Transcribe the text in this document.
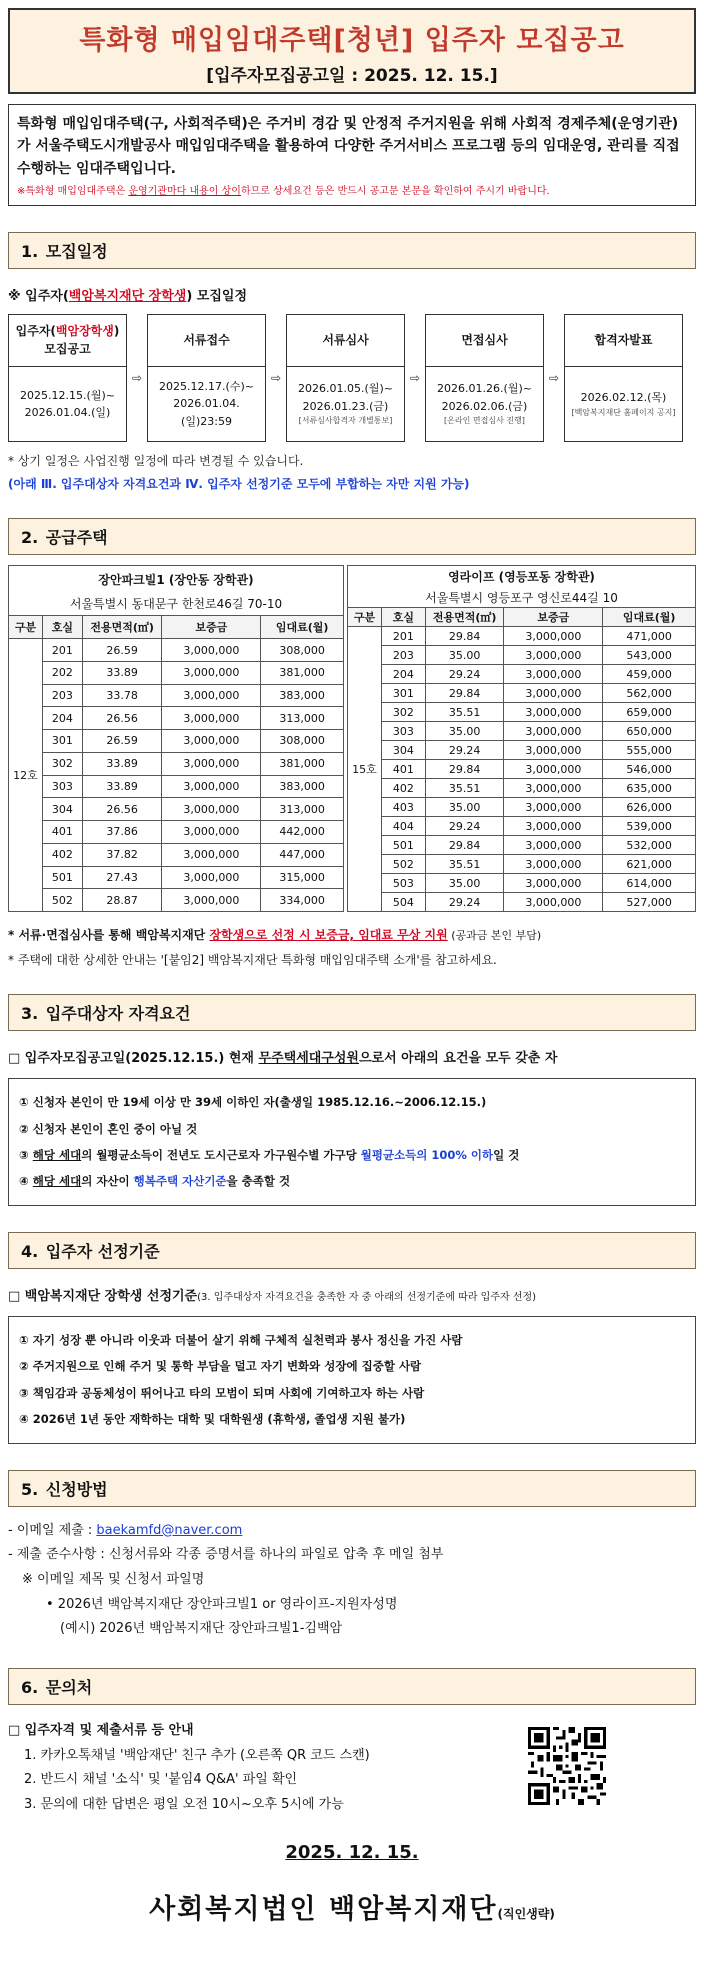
특화형 매입임대주택[청년] 입주자 모집공고
[입주자모집공고일 : 2025. 12. 15.]
특화형 매입임대주택(구, 사회적주택)은 주거비 경감 및 안정적 주거지원을 위해 사회적 경제주체(운영기관)가 서울주택도시개발공사 매입임대주택을 활용하여 다양한 주거서비스 프로그램 등의 임대운영, 관리를 직접 수행하는 임대주택입니다.
※특화형 매입임대주택은 운영기관마다 내용이 상이하므로 상세요건 등은 반드시 공고문 본문을 확인하여 주시기 바랍니다.
1. 모집일정
※ 입주자(백암복지재단 장학생) 모집일정
입주자(백암장학생)
모집공고
2025.12.15.(월)~
2026.01.04.(일)
⇨
서류접수
2025.12.17.(수)~
2026.01.04.(일)23:59
⇨
서류심사
2026.01.05.(월)~
2026.01.23.(금)
[서류심사합격자 개별통보]
⇨
면접심사
2026.01.26.(월)~
2026.02.06.(금)
[온라인 면접심사 진행]
⇨
합격자발표
2026.02.12.(목)
[백암복지재단 홈페이지 공지]
* 상기 일정은 사업진행 일정에 따라 변경될 수 있습니다.
(아래 Ⅲ. 입주대상자 자격요건과 Ⅳ. 입주자 선정기준 모두에 부합하는 자만 지원 가능)
2. 공급주택
장안파크빌1 (장안동 장학관)				
서울특별시 동대문구 한천로46길 70-10				
구분	호실	전용면적(㎡)	보증금	임대료(월)
12호	201	26.59	3,000,000	308,000
	202	33.89	3,000,000	381,000
	203	33.78	3,000,000	383,000
	204	26.56	3,000,000	313,000
	301	26.59	3,000,000	308,000
	302	33.89	3,000,000	381,000
	303	33.89	3,000,000	383,000
	304	26.56	3,000,000	313,000
	401	37.86	3,000,000	442,000
	402	37.82	3,000,000	447,000
	501	27.43	3,000,000	315,000
	502	28.87	3,000,000	334,000
영라이프 (영등포동 장학관)				
서울특별시 영등포구 영신로44길 10				
구분	호실	전용면적(㎡)	보증금	임대료(월)
15호	201	29.84	3,000,000	471,000
	203	35.00	3,000,000	543,000
	204	29.24	3,000,000	459,000
	301	29.84	3,000,000	562,000
	302	35.51	3,000,000	659,000
	303	35.00	3,000,000	650,000
	304	29.24	3,000,000	555,000
	401	29.84	3,000,000	546,000
	402	35.51	3,000,000	635,000
	403	35.00	3,000,000	626,000
	404	29.24	3,000,000	539,000
	501	29.84	3,000,000	532,000
	502	35.51	3,000,000	621,000
	503	35.00	3,000,000	614,000
	504	29.24	3,000,000	527,000
* 서류·면접심사를 통해 백암복지재단 장학생으로 선정 시 보증금, 임대료 무상 지원 (공과금 본인 부담)
* 주택에 대한 상세한 안내는 '[붙임2] 백암복지재단 특화형 매입임대주택 소개'를 참고하세요.
3. 입주대상자 자격요건
□ 입주자모집공고일(2025.12.15.) 현재 무주택세대구성원으로서 아래의 요건을 모두 갖춘 자
① 신청자 본인이 만 19세 이상 만 39세 이하인 자(출생일 1985.12.16.~2006.12.15.)
② 신청자 본인이 혼인 중이 아닐 것
③ 해당 세대의 월평균소득이 전년도 도시근로자 가구원수별 가구당 월평균소득의 100% 이하일 것
④ 해당 세대의 자산이 행복주택 자산기준을 충족할 것
4. 입주자 선정기준
□ 백암복지재단 장학생 선정기준(3. 입주대상자 자격요건을 충족한 자 중 아래의 선정기준에 따라 입주자 선정)
① 자기 성장 뿐 아니라 이웃과 더불어 살기 위해 구체적 실천력과 봉사 정신을 가진 사람
② 주거지원으로 인해 주거 및 통학 부담을 덜고 자기 변화와 성장에 집중할 사람
③ 책임감과 공동체성이 뛰어나고 타의 모범이 되며 사회에 기여하고자 하는 사람
④ 2026년 1년 동안 재학하는 대학 및 대학원생 (휴학생, 졸업생 지원 불가)
5. 신청방법
- 이메일 제출 : baekamfd@naver.com
- 제출 준수사항 : 신청서류와 각종 증명서를 하나의 파일로 압축 후 메일 첨부
※ 이메일 제목 및 신청서 파일명
• 2026년 백암복지재단 장안파크빌1 or 영라이프-지원자성명
(예시) 2026년 백암복지재단 장안파크빌1-김백암
6. 문의처
□ 입주자격 및 제출서류 등 안내
1. 카카오톡채널 '백암재단' 친구 추가 (오른쪽 QR 코드 스캔)
2. 반드시 채널 '소식' 및 '붙임4 Q&A' 파일 확인
3. 문의에 대한 답변은 평일 오전 10시~오후 5시에 가능
2025. 12. 15.
사회복지법인 백암복지재단(직인생략)
